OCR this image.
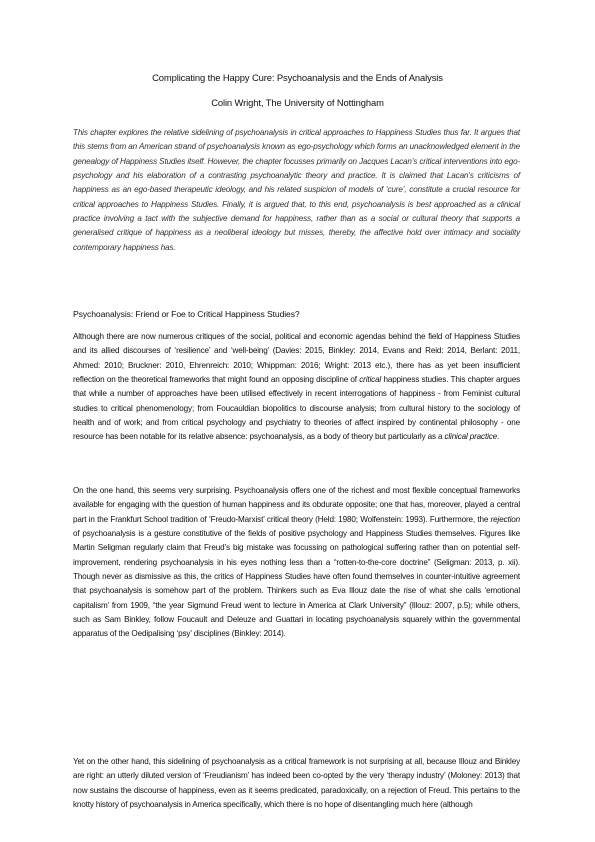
Complicating the Happy Cure: Psychoanalysis and the Ends of Analysis
Colin Wright, The University of Nottingham

This chapter explores the relative sidelining of psychoanalysis in critical approaches to Happiness Studies thus far. It argues that this stems from an American strand of psychoanalysis known as ego-psychology which forms an unacknowledged element in the genealogy of Happiness Studies itself. However, the chapter focusses primarily on Jacques Lacan’s critical interventions into ego-psychology and his elaboration of a contrasting psychoanalytic theory and practice. It is claimed that Lacan’s criticisms of happiness as an ego-based therapeutic ideology, and his related suspicion of models of ‘cure’, constitute a crucial resource for critical approaches to Happiness Studies. Finally, it is argued that, to this end, psychoanalysis is best approached as a clinical practice involving a tact with the subjective demand for happiness, rather than as a social or cultural theory that supports a generalised critique of happiness as a neoliberal ideology but misses, thereby, the affective hold over intimacy and sociality contemporary happiness has.

Psychoanalysis: Friend or Foe to Critical Happiness Studies?

Although there are now numerous critiques of the social, political and economic agendas behind the field of Happiness Studies and its allied discourses of ‘resilience’ and ‘well-being’ (Davies: 2015, Binkley: 2014, Evans and Reid: 2014, Berlant: 2011, Ahmed: 2010; Bruckner: 2010, Ehrenreich: 2010; Whippman: 2016; Wright: 2013 etc.), there has as yet been insufficient reflection on the theoretical frameworks that might found an opposing discipline of critical happiness studies. This chapter argues that while a number of approaches have been utilised effectively in recent interrogations of happiness - from Feminist cultural studies to critical phenomenology; from Foucauldian biopolitics to discourse analysis; from cultural history to the sociology of health and of work; and from critical psychology and psychiatry to theories of affect inspired by continental philosophy - one resource has been notable for its relative absence: psychoanalysis, as a body of theory but particularly as a clinical practice.

On the one hand, this seems very surprising. Psychoanalysis offers one of the richest and most flexible conceptual frameworks available for engaging with the question of human happiness and its obdurate opposite; one that has, moreover, played a central part in the Frankfurt School tradition of ‘Freudo-Marxist’ critical theory (Held: 1980; Wolfenstein: 1993). Furthermore, the rejection of psychoanalysis is a gesture constitutive of the fields of positive psychology and Happiness Studies themselves. Figures like Martin Seligman regularly claim that Freud’s big mistake was focussing on pathological suffering rather than on potential self-improvement, rendering psychoanalysis in his eyes nothing less than a “rotten-to-the-core doctrine” (Seligman: 2013, p. xii). Though never as dismissive as this, the critics of Happiness Studies have often found themselves in counter-intuitive agreement that psychoanalysis is somehow part of the problem. Thinkers such as Eva Illouz date the rise of what she calls ‘emotional capitalism’ from 1909, “the year Sigmund Freud went to lecture in America at Clark University” (Illouz: 2007, p.5); while others, such as Sam Binkley, follow Foucault and Deleuze and Guattari in locating psychoanalysis squarely within the governmental apparatus of the Oedipalising ‘psy’ disciplines (Binkley: 2014).

Yet on the other hand, this sidelining of psychoanalysis as a critical framework is not surprising at all, because Illouz and Binkley are right: an utterly diluted version of ‘Freudianism’ has indeed been co-opted by the very ‘therapy industry’ (Moloney: 2013) that now sustains the discourse of happiness, even as it seems predicated, paradoxically, on a rejection of Freud. This pertains to the knotty history of psychoanalysis in America specifically, which there is no hope of disentangling much here (although
